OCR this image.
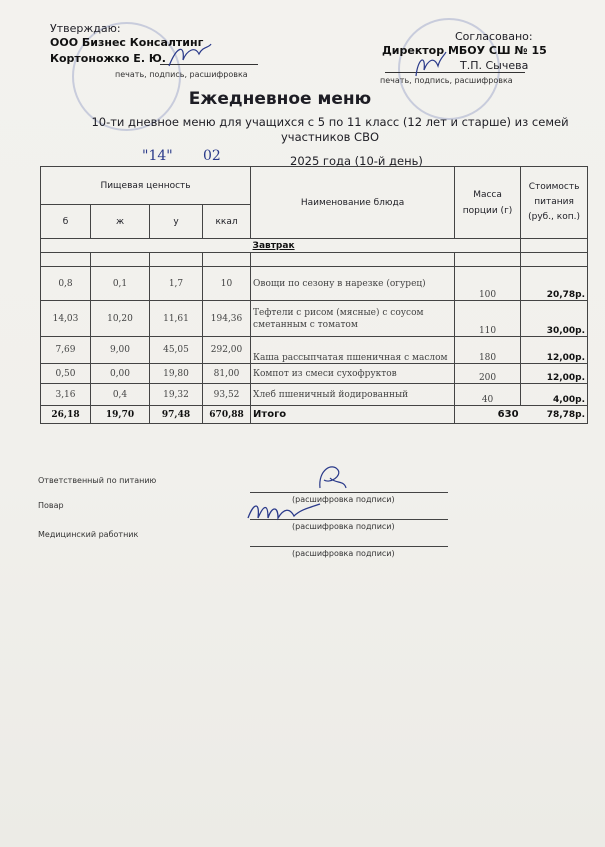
Утверждаю:
ООО Бизнес Консалтинг
Кортоножко Е. Ю.
печать, подпись, расшифровка
Согласовано:
Директор МБОУ СШ № 15
Т.П. Сычева
печать, подпись, расшифровка
Ежедневное меню
10-ти дневное меню для учащихся с 5 по 11 класс (12 лет и старше) из семей участников СВО
"14" 02	2025 года (10-й день)
Пищевая ценность				Наименование блюда	Масса порции (г)	Стоимость питания (руб., коп.)
б	ж	у	ккал			
				Завтрак		

0,8	0,1	1,7	10	Овощи по сезону в нарезке (огурец)	100	20,78р.
14,03	10,20	11,61	194,36	Тефтели с рисом (мясные) с соусом сметанным с томатом	110	30,00р.
7,69	9,00	45,05	292,00	Каша рассыпчатая пшеничная с маслом	180	12,00р.
0,50	0,00	19,80	81,00	Компот из смеси сухофруктов	200	12,00р.
3,16	0,4	19,32	93,52	Хлеб пшеничный йодированный	40	4,00р.
26,18	19,70	97,48	670,88	Итого	630	78,78р.
Ответственный по питанию
(расшифровка подписи)
Повар
(расшифровка подписи)
Медицинский работник
(расшифровка подписи)
